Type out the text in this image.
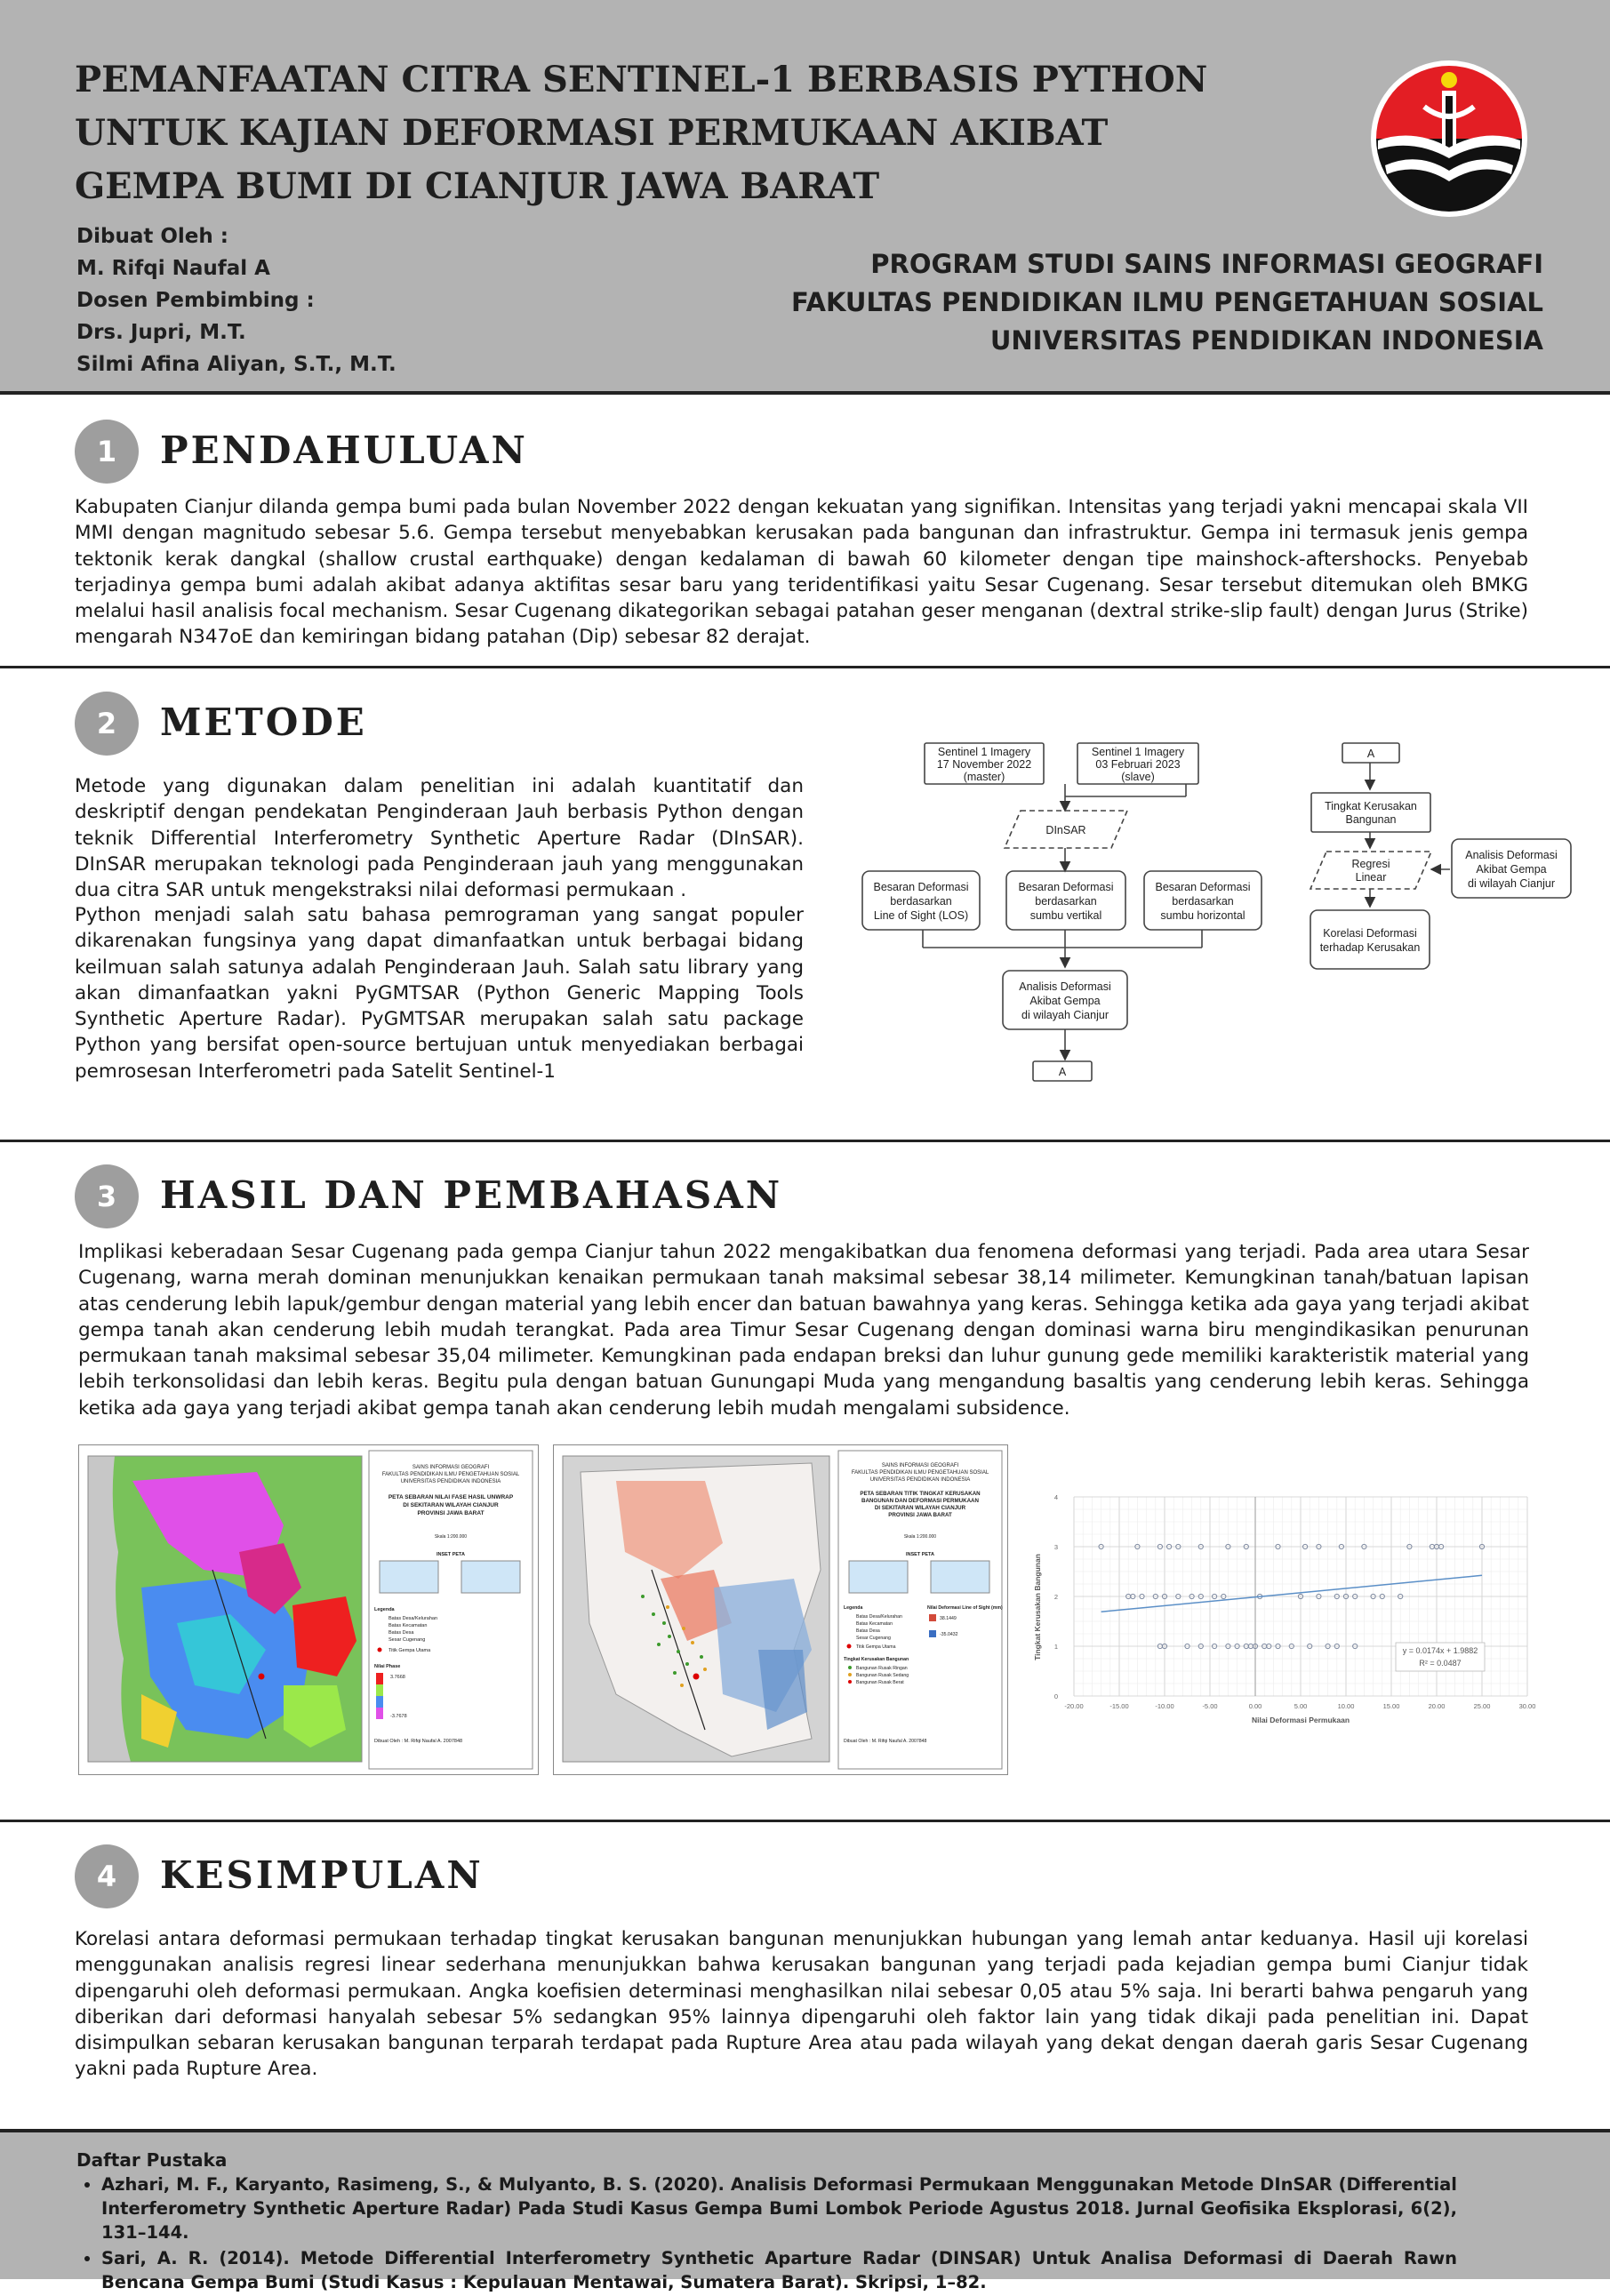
PEMANFAATAN CITRA SENTINEL-1 BERBASIS PYTHON
UNTUK KAJIAN DEFORMASI PERMUKAAN AKIBAT
GEMPA BUMI DI CIANJUR JAWA BARAT
Dibuat Oleh :
M. Rifqi Naufal A
Dosen Pembimbing :
Drs. Jupri, M.T.
Silmi Afina Aliyan, S.T., M.T.
PROGRAM STUDI SAINS INFORMASI GEOGRAFI
FAKULTAS PENDIDIKAN ILMU PENGETAHUAN SOSIAL
UNIVERSITAS PENDIDIKAN INDONESIA
1	PENDAHULUAN

Kabupaten Cianjur dilanda gempa bumi pada bulan November 2022 dengan kekuatan yang signifikan. Intensitas yang terjadi yakni mencapai skala VII MMI dengan magnitudo sebesar 5.6. Gempa tersebut menyebabkan kerusakan pada bangunan dan infrastruktur. Gempa ini termasuk jenis gempa tektonik kerak dangkal (shallow crustal earthquake) dengan kedalaman di bawah 60 kilometer dengan tipe mainshock-aftershocks. Penyebab terjadinya gempa bumi adalah akibat adanya aktifitas sesar baru yang teridentifikasi yaitu Sesar Cugenang. Sesar tersebut ditemukan oleh BMKG melalui hasil analisis focal mechanism. Sesar Cugenang dikategorikan sebagai patahan geser menganan (dextral strike-slip fault) dengan Jurus (Strike) mengarah N347oE dan kemiringan bidang patahan (Dip) sebesar 82 derajat.

2	METODE

Metode yang digunakan dalam penelitian ini adalah kuantitatif dan deskriptif dengan pendekatan Penginderaan Jauh berbasis Python dengan teknik Differential Interferometry Synthetic Aperture Radar (DInSAR). DInSAR merupakan teknologi pada Penginderaan jauh yang menggunakan dua citra SAR untuk mengekstraksi nilai deformasi permukaan .

Python menjadi salah satu bahasa pemrograman yang sangat populer dikarenakan fungsinya yang dapat dimanfaatkan untuk berbagai bidang keilmuan salah satunya adalah Penginderaan Jauh. Salah satu library yang akan dimanfaatkan yakni PyGMTSAR (Python Generic Mapping Tools Synthetic Aperture Radar). PyGMTSAR merupakan salah satu package Python yang bersifat open-source bertujuan untuk menyediakan berbagai pemrosesan Interferometri pada Satelit Sentinel-1

Sentinel 1 Imagery
17 November 2022
(master)
Sentinel 1 Imagery
03 Februari 2023
(slave)
DInSAR
Besaran Deformasi
berdasarkan
Line of Sight (LOS)
Besaran Deformasi
berdasarkan
sumbu vertikal
Besaran Deformasi
berdasarkan
sumbu horizontal
Analisis Deformasi
Akibat Gempa
di wilayah Cianjur
A
A
Tingkat Kerusakan
Bangunan
Regresi
Linear
Analisis Deformasi
Akibat Gempa
di wilayah Cianjur
Korelasi Deformasi
terhadap Kerusakan
3	HASIL DAN PEMBAHASAN

Implikasi keberadaan Sesar Cugenang pada gempa Cianjur tahun 2022 mengakibatkan dua fenomena deformasi yang terjadi. Pada area utara Sesar Cugenang, warna merah dominan menunjukkan kenaikan permukaan tanah maksimal sebesar 38,14 milimeter. Kemungkinan tanah/batuan lapisan atas cenderung lebih lapuk/gembur dengan material yang lebih encer dan batuan bawahnya yang keras. Sehingga ketika ada gaya yang terjadi akibat gempa tanah akan cenderung lebih mudah terangkat. Pada area Timur Sesar Cugenang dengan dominasi warna biru mengindikasikan penurunan permukaan tanah maksimal sebesar 35,04 milimeter. Kemungkinan pada endapan breksi dan luhur gunung gede memiliki karakteristik material yang lebih terkonsolidasi dan lebih keras. Begitu pula dengan batuan Gunungapi Muda yang mengandung basaltis yang cenderung lebih keras. Sehingga ketika ada gaya yang terjadi akibat gempa tanah akan cenderung lebih mudah mengalami subsidence.

SAINS INFORMASI GEOGRAFI
FAKULTAS PENDIDIKAN ILMU PENGETAHUAN SOSIAL
UNIVERSITAS PENDIDIKAN INDONESIA
PETA SEBARAN NILAI FASE HASIL UNWRAP
DI SEKITARAN WILAYAH CIANJUR
PROVINSI JAWA BARAT
Skala 1:200.000
INSET PETA
Legenda
Batas Desa/Kelurahan
Batas Kecamatan
Batas Desa
Sesar Cugenang
Titik Gempa Utama
Nilai Phase
3.7668
-3.7678
Dibuat Oleh : M. Rifqi Naufal A. 2007848
SAINS INFORMASI GEOGRAFI
FAKULTAS PENDIDIKAN ILMU PENGETAHUAN SOSIAL
UNIVERSITAS PENDIDIKAN INDONESIA
PETA SEBARAN TITIK TINGKAT KERUSAKAN
BANGUNAN DAN DEFORMASI PERMUKAAN
DI SEKITARAN WILAYAH CIANJUR
PROVINSI JAWA BARAT
Skala 1:200.000
INSET PETA
Legenda
Batas Desa/Kelurahan
Batas Kecamatan
Batas Desa
Sesar Cugenang
Titik Gempa Utama
Tingkat Kerusakan Bangunan
Bangunan Rusak Ringan
Bangunan Rusak Sedang
Bangunan Rusak Berat
Nilai Deformasi Line of Sight (mm)
38.1449
-35.0432
Dibuat Oleh : M. Rifqi Naufal A. 2007848
-20.00	-15.00	-10.00	-5.00	0.00	5.00	10.00	15.00	20.00	25.00	30.00
0
1
2
3
4
y = 0.0174x + 1.9882
R² = 0.0487
Nilai Deformasi Permukaan
Tingkat Kerusakan Bangunan
4	KESIMPULAN

Korelasi antara deformasi permukaan terhadap tingkat kerusakan bangunan menunjukkan hubungan yang lemah antar keduanya. Hasil uji korelasi menggunakan analisis regresi linear sederhana menunjukkan bahwa kerusakan bangunan yang terjadi pada kejadian gempa bumi Cianjur tidak dipengaruhi oleh deformasi permukaan. Angka koefisien determinasi menghasilkan nilai sebesar 0,05 atau 5% saja. Ini berarti bahwa pengaruh yang diberikan dari deformasi hanyalah sebesar 5% sedangkan 95% lainnya dipengaruhi oleh faktor lain yang tidak dikaji pada penelitian ini. Dapat disimpulkan sebaran kerusakan bangunan terparah terdapat pada Rupture Area atau pada wilayah yang dekat dengan daerah garis Sesar Cugenang yakni pada Rupture Area.

Daftar Pustaka
• Azhari, M. F., Karyanto, Rasimeng, S., & Mulyanto, B. S. (2020). Analisis Deformasi Permukaan Menggunakan Metode DInSAR (Differential Interferometry Synthetic Aperture Radar) Pada Studi Kasus Gempa Bumi Lombok Periode Agustus 2018. Jurnal Geofisika Eksplorasi, 6(2), 131–144.
• Sari, A. R. (2014). Metode Differential Interferometry Synthetic Aparture Radar (DINSAR) Untuk Analisa Deformasi di Daerah Rawn Bencana Gempa Bumi (Studi Kasus : Kepulauan Mentawai, Sumatera Barat). Skripsi, 1–82.
